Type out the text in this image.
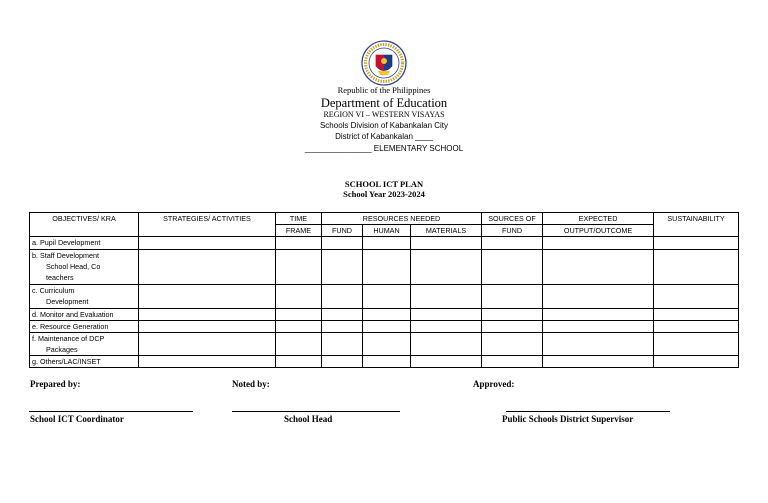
Republic of the Philippines
Department of Education
REGION VI – WESTERN VISAYAS
Schools Division of Kabankalan City
District of Kabankalan ____
_______________ ELEMENTARY SCHOOL
SCHOOL ICT PLAN
School Year 2023-2024
OBJECTIVES/ KRA	STRATEGIES/ ACTIVITIES	TIME	RESOURCES NEEDED			SOURCES OF	EXPECTED	SUSTAINABILITY
		FRAME	FUND	HUMAN	MATERIALS	FUND	OUTPUT/OUTCOME	

a. Pupil Development								

b. Staff Development
School Head, Co
teachers								

c. Curriculum
Development								

d. Monitor and Evaluation								

e. Resource Generation								

f. Maintenance of DCP
Packages								

g. Others/LAC/INSET								

Prepared by:	Noted by:	Approved:
School ICT Coordinator	School Head	Public Schools District Supervisor
